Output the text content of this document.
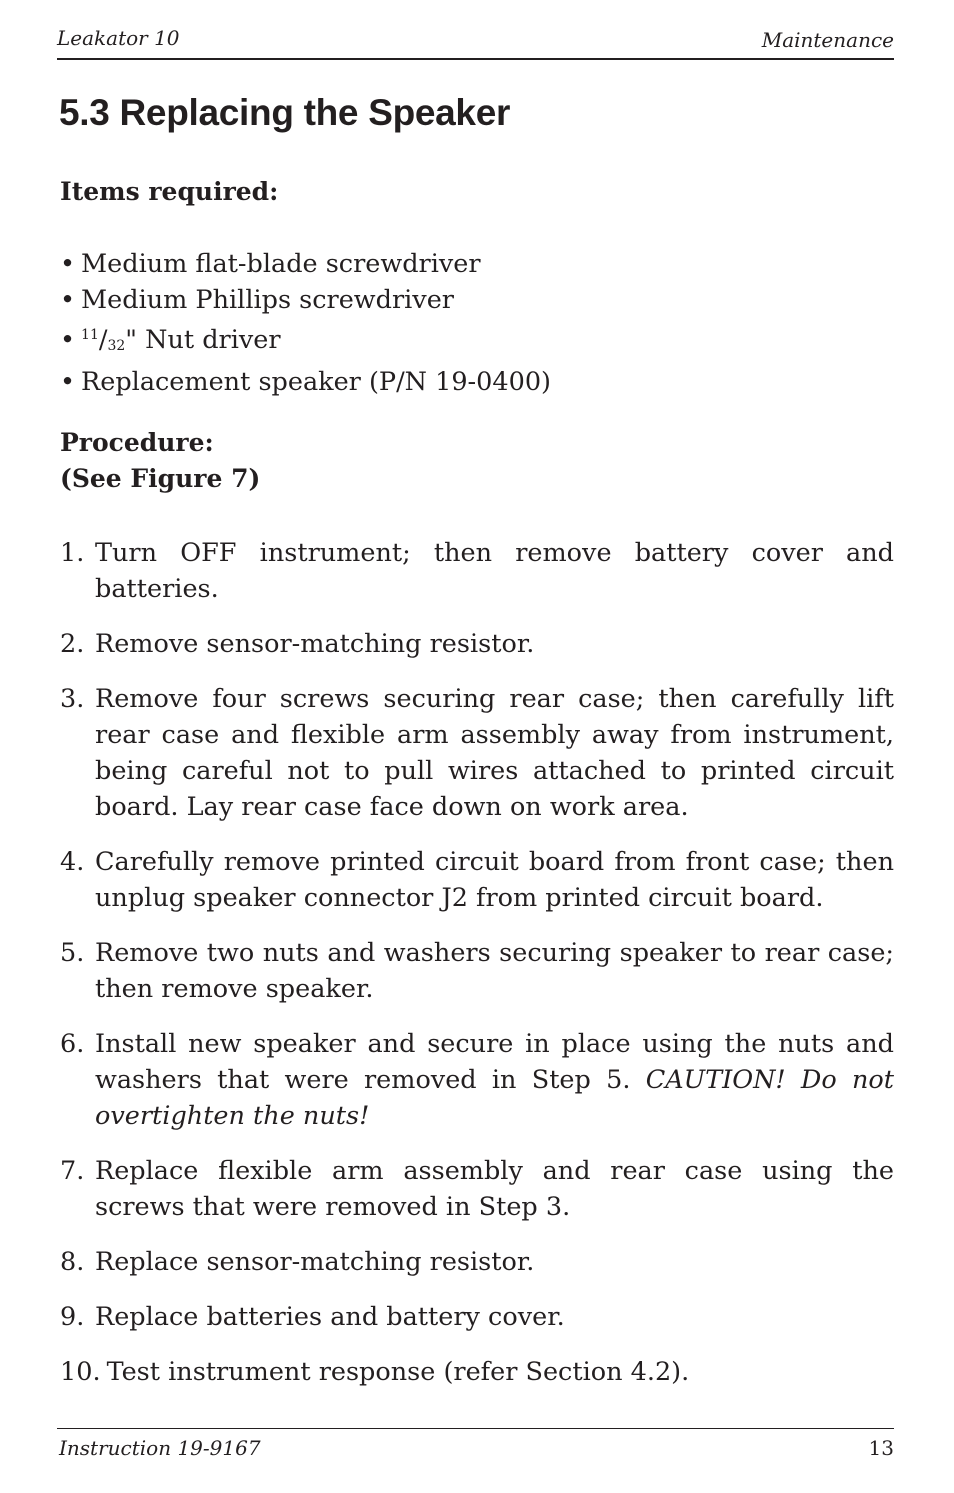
Leakator 10	Maintenance
5.3 Replacing the Speaker
Items required:
• Medium flat-blade screwdriver
• Medium Phillips screwdriver
• $^{11}/_{32}$" Nut driver
• Replacement speaker (P/N 19-0400)
Procedure:
(See Figure 7)
1. Turn OFF instrument; then remove battery cover and batteries.
2. Remove sensor-matching resistor.
3. Remove four screws securing rear case; then carefully lift rear case and flexible arm assembly away from instrument, being careful not to pull wires attached to printed circuit board. Lay rear case face down on work area.
4. Carefully remove printed circuit board from front case; then unplug speaker connector J2 from printed circuit board.
5. Remove two nuts and washers securing speaker to rear case; then remove speaker.
6. Install new speaker and secure in place using the nuts and washers that were removed in Step 5. CAUTION! Do not overtighten the nuts!
7. Replace flexible arm assembly and rear case using the screws that were removed in Step 3.
8. Replace sensor-matching resistor.
9. Replace batteries and battery cover.
10. Test instrument response (refer Section 4.2).
Instruction 19-9167	13
